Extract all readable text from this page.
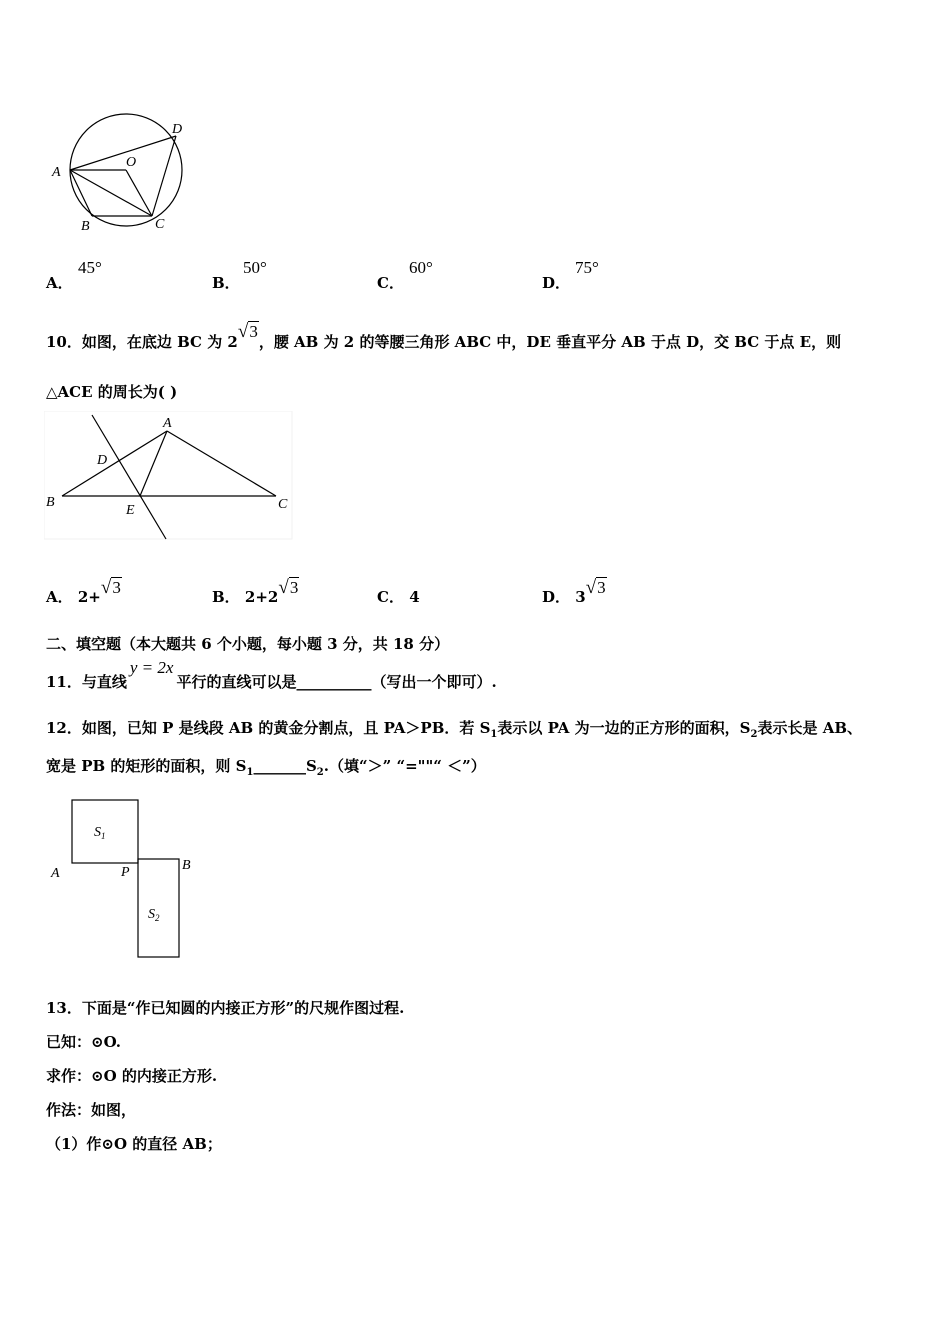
A
O
D
B	C
A．
45°
B．
50°
C．
60°
D．
75°
10．如图，在底边 BC 为 2√3，腰 AB 为 2 的等腰三角形 ABC 中，DE 垂直平分 AB 于点 D，交 BC 于点 E，则
△ACE 的周长为( )
A
D
B
E	C
A． 2+√3	B． 2+2√3	C． 4	D． 3√3
二、填空题（本大题共 6 个小题，每小题 3 分，共 18 分）
11．与直线y = 2x平行的直线可以是__________（写出一个即可）.
12．如图，已知 P 是线段 AB 的黄金分割点，且 PA＞PB．若 $S_1$表示以 PA 为一边的正方形的面积，$S_2$表示长是 AB、
宽是 PB 的矩形的面积，则 $S_1\_\_\_\_\_\_\_S_2$.（填“＞” “=""“ ＜”）
$S_1$
$S_2$
A	P	B
13．下面是“作已知圆的内接正方形”的尺规作图过程.
已知：⊙O.
求作：⊙O 的内接正方形.
作法：如图，
（1）作⊙O 的直径 AB；
